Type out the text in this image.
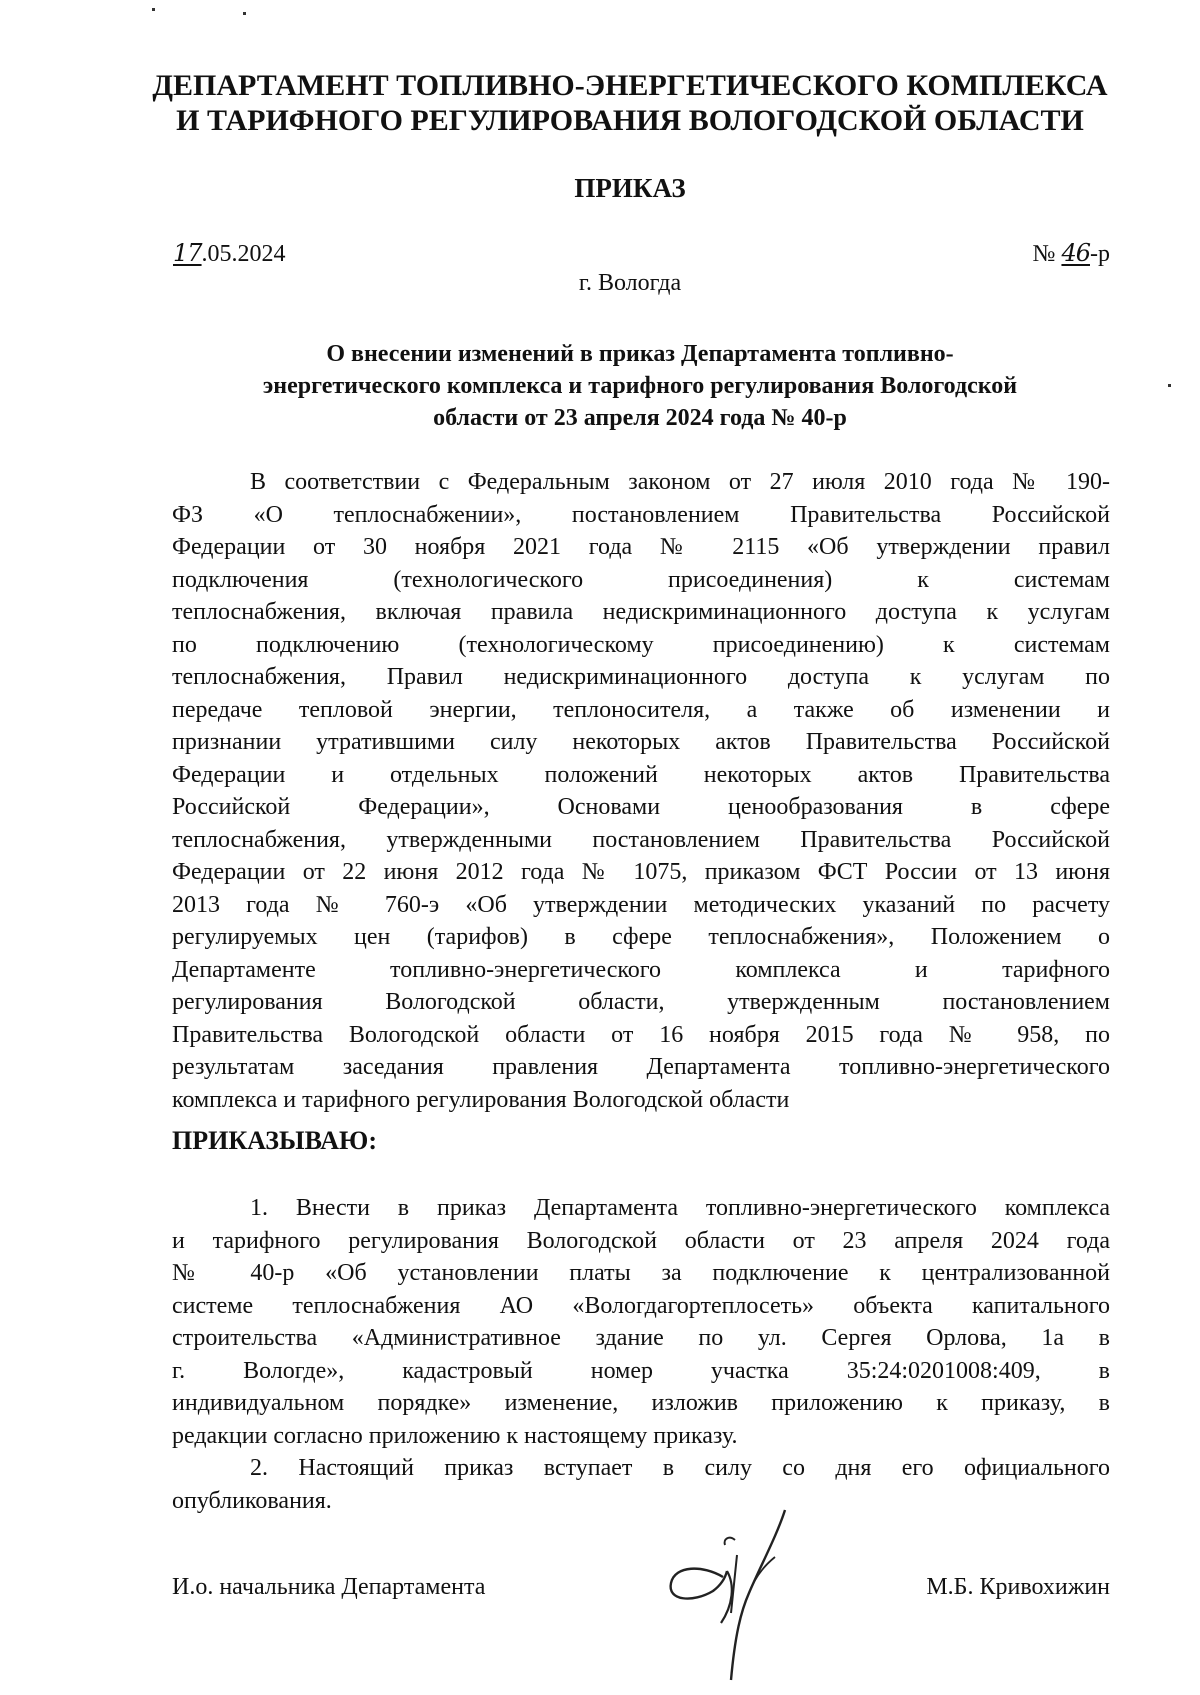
ДЕПАРТАМЕНТ ТОПЛИВНО-ЭНЕРГЕТИЧЕСКОГО КОМПЛЕКСА
И ТАРИФНОГО РЕГУЛИРОВАНИЯ ВОЛОГОДСКОЙ ОБЛАСТИ
ПРИКАЗ
17.05.2024	№ 46-р
г. Вологда
О внесении изменений в приказ Департамента топливно-
энергетического комплекса и тарифного регулирования Вологодской
области от 23 апреля 2024 года № 40-р
В соответствии с Федеральным законом от 27 июля 2010 года № 190-
ФЗ «О теплоснабжении», постановлением Правительства Российской
Федерации от 30 ноября 2021 года № 2115 «Об утверждении правил
подключения (технологического присоединения) к системам
теплоснабжения, включая правила недискриминационного доступа к услугам
по подключению (технологическому присоединению) к системам
теплоснабжения, Правил недискриминационного доступа к услугам по
передаче тепловой энергии, теплоносителя, а также об изменении и
признании утратившими силу некоторых актов Правительства Российской
Федерации и отдельных положений некоторых актов Правительства
Российской Федерации», Основами ценообразования в сфере
теплоснабжения, утвержденными постановлением Правительства Российской
Федерации от 22 июня 2012 года № 1075, приказом ФСТ России от 13 июня
2013 года № 760-э «Об утверждении методических указаний по расчету
регулируемых цен (тарифов) в сфере теплоснабжения», Положением о
Департаменте топливно-энергетического комплекса и тарифного
регулирования Вологодской области, утвержденным постановлением
Правительства Вологодской области от 16 ноября 2015 года № 958, по
результатам заседания правления Департамента топливно-энергетического
комплекса и тарифного регулирования Вологодской области
ПРИКАЗЫВАЮ:
1. Внести в приказ Департамента топливно-энергетического комплекса
и тарифного регулирования Вологодской области от 23 апреля 2024 года
№ 40-р «Об установлении платы за подключение к централизованной
системе теплоснабжения АО «Вологдагортеплосеть» объекта капитального
строительства «Административное здание по ул. Сергея Орлова, 1а в
г. Вологде», кадастровый номер участка 35:24:0201008:409, в
индивидуальном порядке» изменение, изложив приложению к приказу, в
редакции согласно приложению к настоящему приказу.
2. Настоящий приказ вступает в силу со дня его официального
опубликования.
И.о. начальника Департамента	М.Б. Кривохижин
